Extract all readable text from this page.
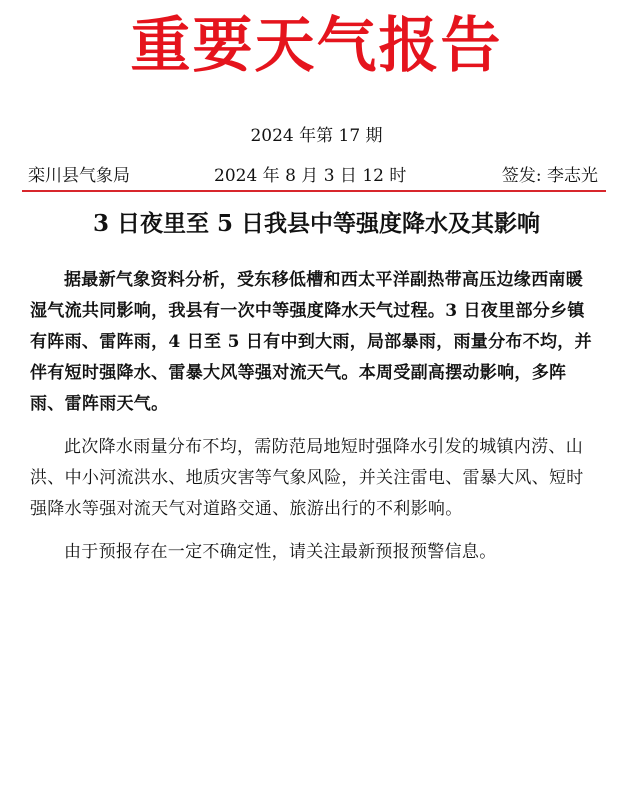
重要天气报告
2024 年第 17 期
栾川县气象局	2024 年 8 月 3 日 12 时	签发: 李志光
3 日夜里至 5 日我县中等强度降水及其影响

据最新气象资料分析，受东移低槽和西太平洋副热带高压边缘西南暖湿气流共同影响，我县有一次中等强度降水天气过程。3 日夜里部分乡镇有阵雨、雷阵雨，4 日至 5 日有中到大雨，局部暴雨，雨量分布不均，并伴有短时强降水、雷暴大风等强对流天气。本周受副高摆动影响，多阵雨、雷阵雨天气。

此次降水雨量分布不均，需防范局地短时强降水引发的城镇内涝、山洪、中小河流洪水、地质灾害等气象风险，并关注雷电、雷暴大风、短时强降水等强对流天气对道路交通、旅游出行的不利影响。

由于预报存在一定不确定性，请关注最新预报预警信息。
